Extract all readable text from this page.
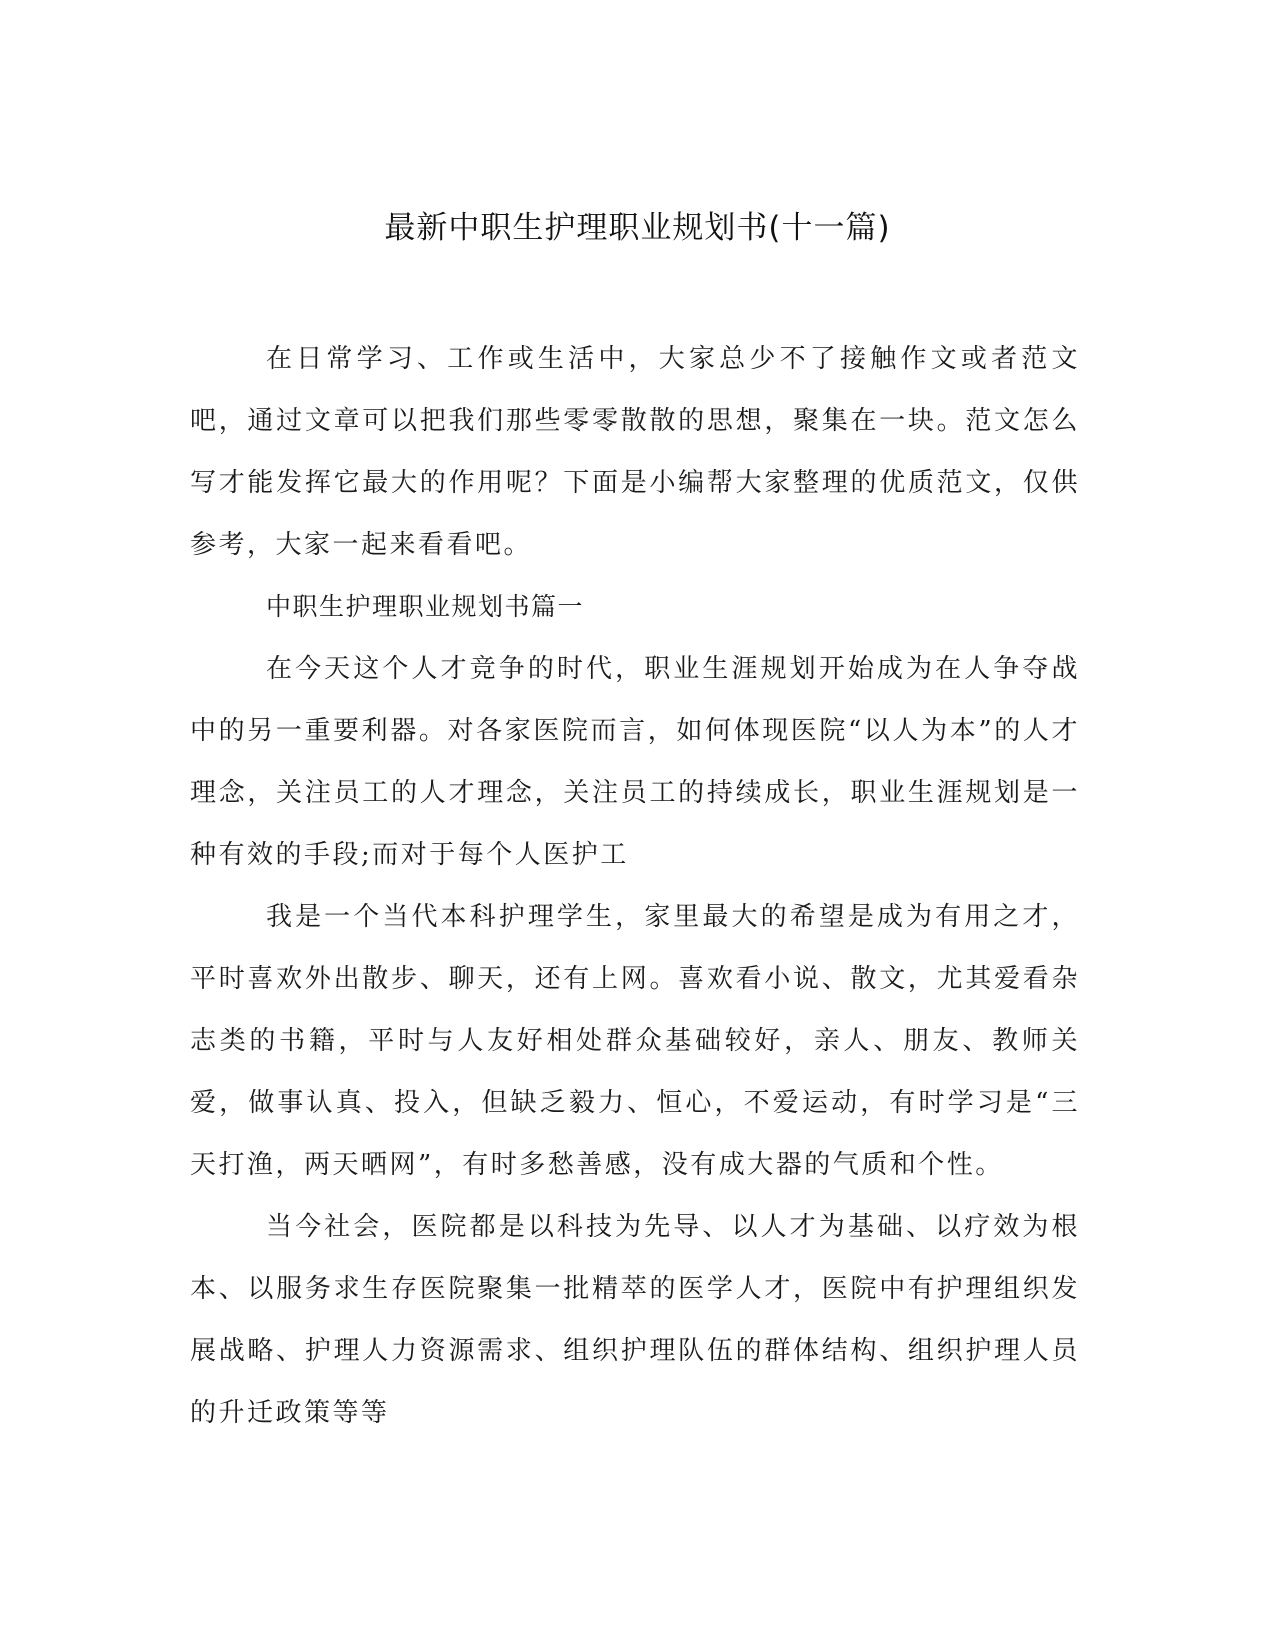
最新中职生护理职业规划书(十一篇)

在日常学习、工作或生活中，大家总少不了接触作文或者范文吧，通过文章可以把我们那些零零散散的思想，聚集在一块。范文怎么写才能发挥它最大的作用呢？下面是小编帮大家整理的优质范文，仅供参考，大家一起来看看吧。

中职生护理职业规划书篇一

在今天这个人才竞争的时代，职业生涯规划开始成为在人争夺战中的另一重要利器。对各家医院而言，如何体现医院“以人为本”的人才理念，关注员工的人才理念，关注员工的持续成长，职业生涯规划是一种有效的手段;而对于每个人医护工

我是一个当代本科护理学生，家里最大的希望是成为有用之才，平时喜欢外出散步、聊天，还有上网。喜欢看小说、散文，尤其爱看杂志类的书籍，平时与人友好相处群众基础较好，亲人、朋友、教师关爱，做事认真、投入，但缺乏毅力、恒心，不爱运动，有时学习是“三天打渔，两天晒网”，有时多愁善感，没有成大器的气质和个性。

当今社会，医院都是以科技为先导、以人才为基础、以疗效为根本、以服务求生存医院聚集一批精萃的医学人才，医院中有护理组织发展战略、护理人力资源需求、组织护理队伍的群体结构、组织护理人员的升迁政策等等
